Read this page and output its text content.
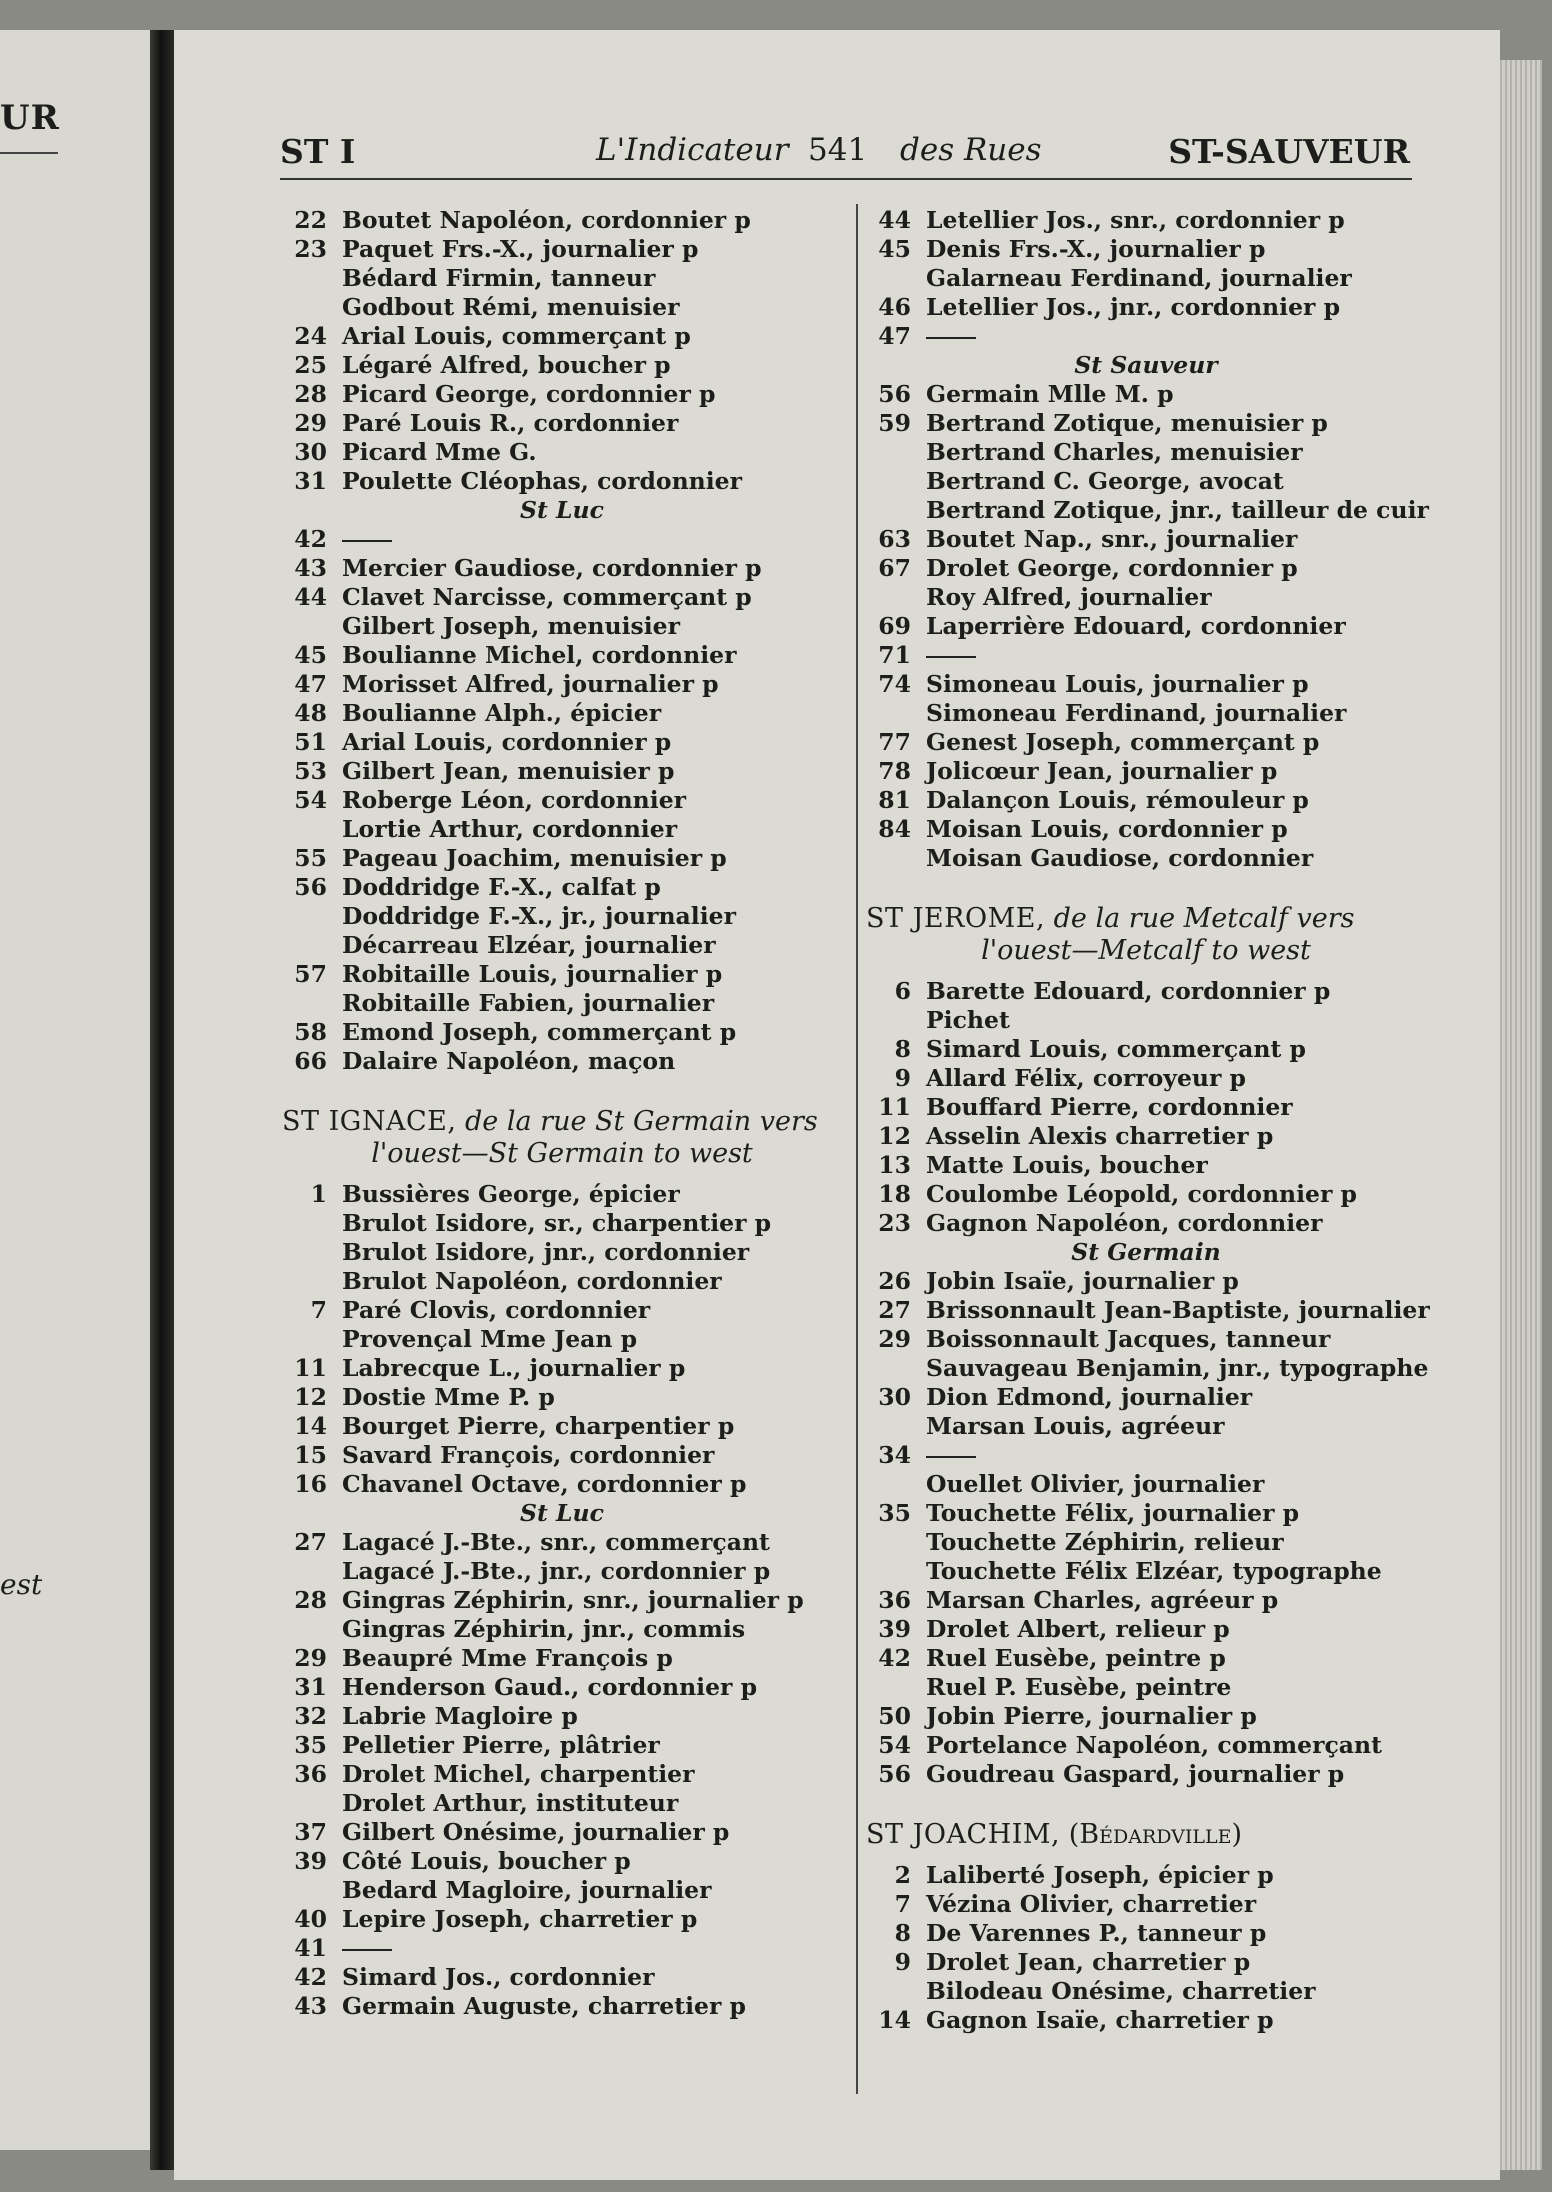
UR
est
ST I	L'Indicateur 541 des Rues	ST-SAUVEUR
22 Boutet Napoléon, cordonnier p
23 Paquet Frs.-X., journalier p
Bédard Firmin, tanneur
Godbout Rémi, menuisier
24 Arial Louis, commerçant p
25 Légaré Alfred, boucher p
28 Picard George, cordonnier p
29 Paré Louis R., cordonnier
30 Picard Mme G.
31 Poulette Cléophas, cordonnier
St Luc
42
43 Mercier Gaudiose, cordonnier p
44 Clavet Narcisse, commerçant p
Gilbert Joseph, menuisier
45 Boulianne Michel, cordonnier
47 Morisset Alfred, journalier p
48 Boulianne Alph., épicier
51 Arial Louis, cordonnier p
53 Gilbert Jean, menuisier p
54 Roberge Léon, cordonnier
Lortie Arthur, cordonnier
55 Pageau Joachim, menuisier p
56 Doddridge F.-X., calfat p
Doddridge F.-X., jr., journalier
Décarreau Elzéar, journalier
57 Robitaille Louis, journalier p
Robitaille Fabien, journalier
58 Emond Joseph, commerçant p
66 Dalaire Napoléon, maçon
ST IGNACE, de la rue St Germain vers
l'ouest—St Germain to west
1 Bussières George, épicier
Brulot Isidore, sr., charpentier p
Brulot Isidore, jnr., cordonnier
Brulot Napoléon, cordonnier
7 Paré Clovis, cordonnier
Provençal Mme Jean p
11 Labrecque L., journalier p
12 Dostie Mme P. p
14 Bourget Pierre, charpentier p
15 Savard François, cordonnier
16 Chavanel Octave, cordonnier p
St Luc
27 Lagacé J.-Bte., snr., commerçant
Lagacé J.-Bte., jnr., cordonnier p
28 Gingras Zéphirin, snr., journalier p
Gingras Zéphirin, jnr., commis
29 Beaupré Mme François p
31 Henderson Gaud., cordonnier p
32 Labrie Magloire p
35 Pelletier Pierre, plâtrier
36 Drolet Michel, charpentier
Drolet Arthur, instituteur
37 Gilbert Onésime, journalier p
39 Côté Louis, boucher p
Bedard Magloire, journalier
40 Lepire Joseph, charretier p
41
42 Simard Jos., cordonnier
43 Germain Auguste, charretier p
44 Letellier Jos., snr., cordonnier p
45 Denis Frs.-X., journalier p
Galarneau Ferdinand, journalier
46 Letellier Jos., jnr., cordonnier p
47
St Sauveur
56 Germain Mlle M. p
59 Bertrand Zotique, menuisier p
Bertrand Charles, menuisier
Bertrand C. George, avocat
Bertrand Zotique, jnr., tailleur de cuir
63 Boutet Nap., snr., journalier
67 Drolet George, cordonnier p
Roy Alfred, journalier
69 Laperrière Edouard, cordonnier
71
74 Simoneau Louis, journalier p
Simoneau Ferdinand, journalier
77 Genest Joseph, commerçant p
78 Jolicœur Jean, journalier p
81 Dalançon Louis, rémouleur p
84 Moisan Louis, cordonnier p
Moisan Gaudiose, cordonnier
ST JEROME, de la rue Metcalf vers
l'ouest—Metcalf to west
6 Barette Edouard, cordonnier p
Pichet
8 Simard Louis, commerçant p
9 Allard Félix, corroyeur p
11 Bouffard Pierre, cordonnier
12 Asselin Alexis charretier p
13 Matte Louis, boucher
18 Coulombe Léopold, cordonnier p
23 Gagnon Napoléon, cordonnier
St Germain
26 Jobin Isaïe, journalier p
27 Brissonnault Jean-Baptiste, journalier
29 Boissonnault Jacques, tanneur
Sauvageau Benjamin, jnr., typographe
30 Dion Edmond, journalier
Marsan Louis, agréeur
34
Ouellet Olivier, journalier
35 Touchette Félix, journalier p
Touchette Zéphirin, relieur
Touchette Félix Elzéar, typographe
36 Marsan Charles, agréeur p
39 Drolet Albert, relieur p
42 Ruel Eusèbe, peintre p
Ruel P. Eusèbe, peintre
50 Jobin Pierre, journalier p
54 Portelance Napoléon, commerçant
56 Goudreau Gaspard, journalier p
ST JOACHIM, (Bédardville)
2 Laliberté Joseph, épicier p
7 Vézina Olivier, charretier
8 De Varennes P., tanneur p
9 Drolet Jean, charretier p
Bilodeau Onésime, charretier
14 Gagnon Isaïe, charretier p
